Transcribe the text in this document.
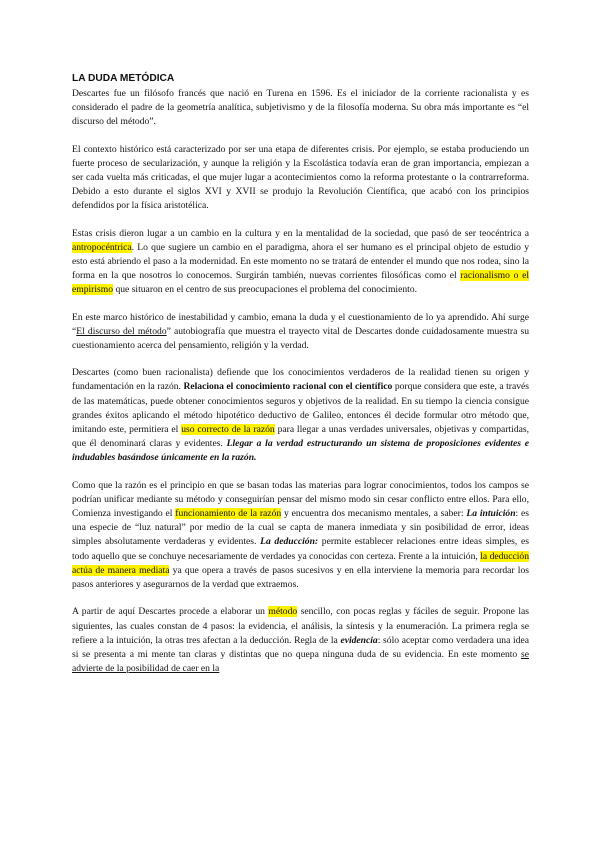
LA DUDA METÓDICA

Descartes fue un filósofo francés que nació en Turena en 1596. Es el iniciador de la corriente racionalista y es considerado el padre de la geometría analítica, subjetivismo y de la filosofía moderna. Su obra más importante es “el discurso del método”.

El contexto histórico está caracterizado por ser una etapa de diferentes crisis. Por ejemplo, se estaba produciendo un fuerte proceso de secularización, y aunque la religión y la Escolástica todavía eran de gran importancia, empiezan a ser cada vuelta más criticadas, el que mujer lugar a acontecimientos como la reforma protestante o la contrarreforma. Debido a esto durante el siglos XVI y XVII se produjo la Revolución Científica, que acabó con los principios defendidos por la física aristotélica.

Estas crisis dieron lugar a un cambio en la cultura y en la mentalidad de la sociedad, que pasó de ser teocéntrica a antropocéntrica. Lo que sugiere un cambio en el paradigma, ahora el ser humano es el principal objeto de estudio y esto está abriendo el paso a la modernidad. En este momento no se tratará de entender el mundo que nos rodea, sino la forma en la que nosotros lo conocemos. Surgirán también, nuevas corrientes filosóficas como el racionalismo o el empirismo que situaron en el centro de sus preocupaciones el problema del conocimiento.

En este marco histórico de inestabilidad y cambio, emana la duda y el cuestionamiento de lo ya aprendido. Ahí surge “El discurso del método” autobiografía que muestra el trayecto vital de Descartes donde cuidadosamente muestra su cuestionamiento acerca del pensamiento, religión y la verdad.

Descartes (como buen racionalista) defiende que los conocimientos verdaderos de la realidad tienen su origen y fundamentación en la razón. Relaciona el conocimiento racional con el científico porque considera que este, a través de las matemáticas, puede obtener conocimientos seguros y objetivos de la realidad. En su tiempo la ciencia consigue grandes éxitos aplicando el método hipotético deductivo de Galileo, entonces él decide formular otro método que, imitando este, permitiera el uso correcto de la razón para llegar a unas verdades universales, objetivas y compartidas, que él denominará claras y evidentes. Llegar a la verdad estructurando un sistema de proposiciones evidentes e indudables basándose únicamente en la razón.

Como que la razón es el principio en que se basan todas las materias para lograr conocimientos, todos los campos se podrían unificar mediante su método y conseguirían pensar del mismo modo sin cesar conflicto entre ellos. Para ello, Comienza investigando el funcionamiento de la razón y encuentra dos mecanismo mentales, a saber: La intuición: es una especie de “luz natural” por medio de la cual se capta de manera inmediata y sin posibilidad de error, ideas simples absolutamente verdaderas y evidentes. La deducción: permite establecer relaciones entre ideas simples, es todo aquello que se conchuye necesariamente de verdades ya conocidas con certeza. Frente a la intuición, la deducción actúa de manera mediata ya que opera a través de pasos sucesivos y en ella interviene la memoria para recordar los pasos anteriores y asegurarnos de la verdad que extraemos.

A partir de aquí Descartes procede a elaborar un método sencillo, con pocas reglas y fáciles de seguir. Propone las siguientes, las cuales constan de 4 pasos: la evidencia, el análisis, la síntesis y la enumeración. La primera regla se refiere a la intuición, la otras tres afectan a la deducción. Regla de la evidencia: sólo aceptar como verdadera una idea si se presenta a mi mente tan claras y distintas que no quepa ninguna duda de su evidencia. En este momento se advierte de la posibilidad de caer en la
